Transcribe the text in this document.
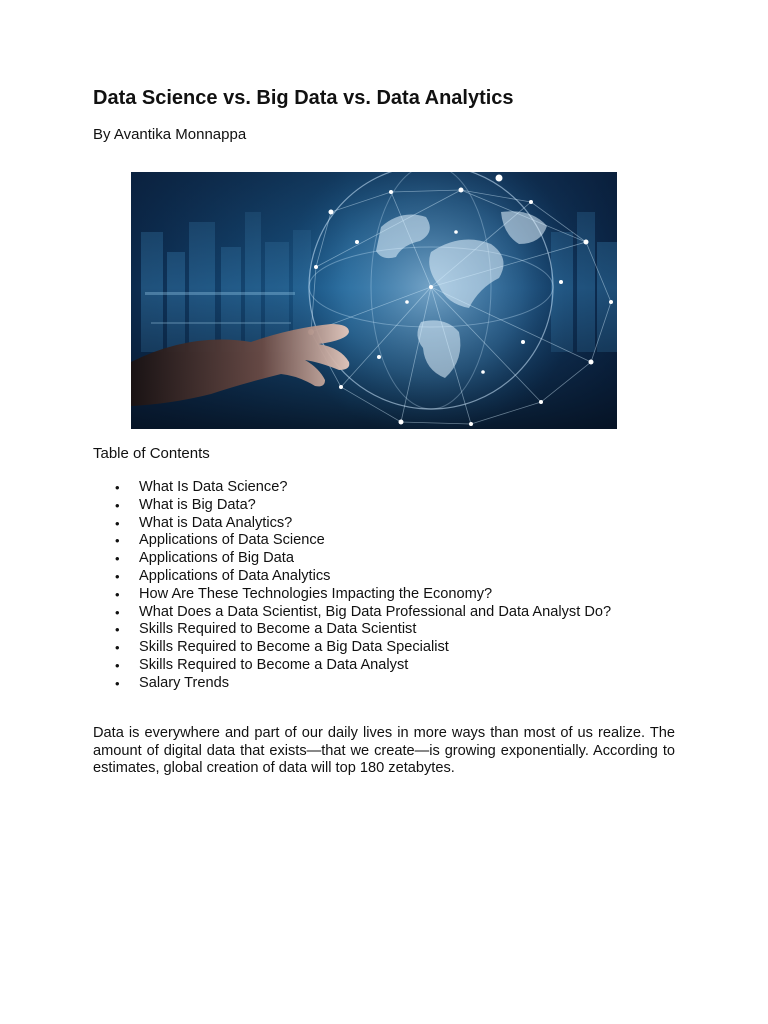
Data Science vs. Big Data vs. Data Analytics

By Avantika Monnappa

Table of Contents

• What Is Data Science?
• What is Big Data?
• What is Data Analytics?
• Applications of Data Science
• Applications of Big Data
• Applications of Data Analytics
• How Are These Technologies Impacting the Economy?
• What Does a Data Scientist, Big Data Professional and Data Analyst Do?
• Skills Required to Become a Data Scientist
• Skills Required to Become a Big Data Specialist
• Skills Required to Become a Data Analyst
• Salary Trends

Data is everywhere and part of our daily lives in more ways than most of us realize. The amount of digital data that exists—that we create—is growing exponentially. According to estimates, global creation of data will top 180 zetabytes.
